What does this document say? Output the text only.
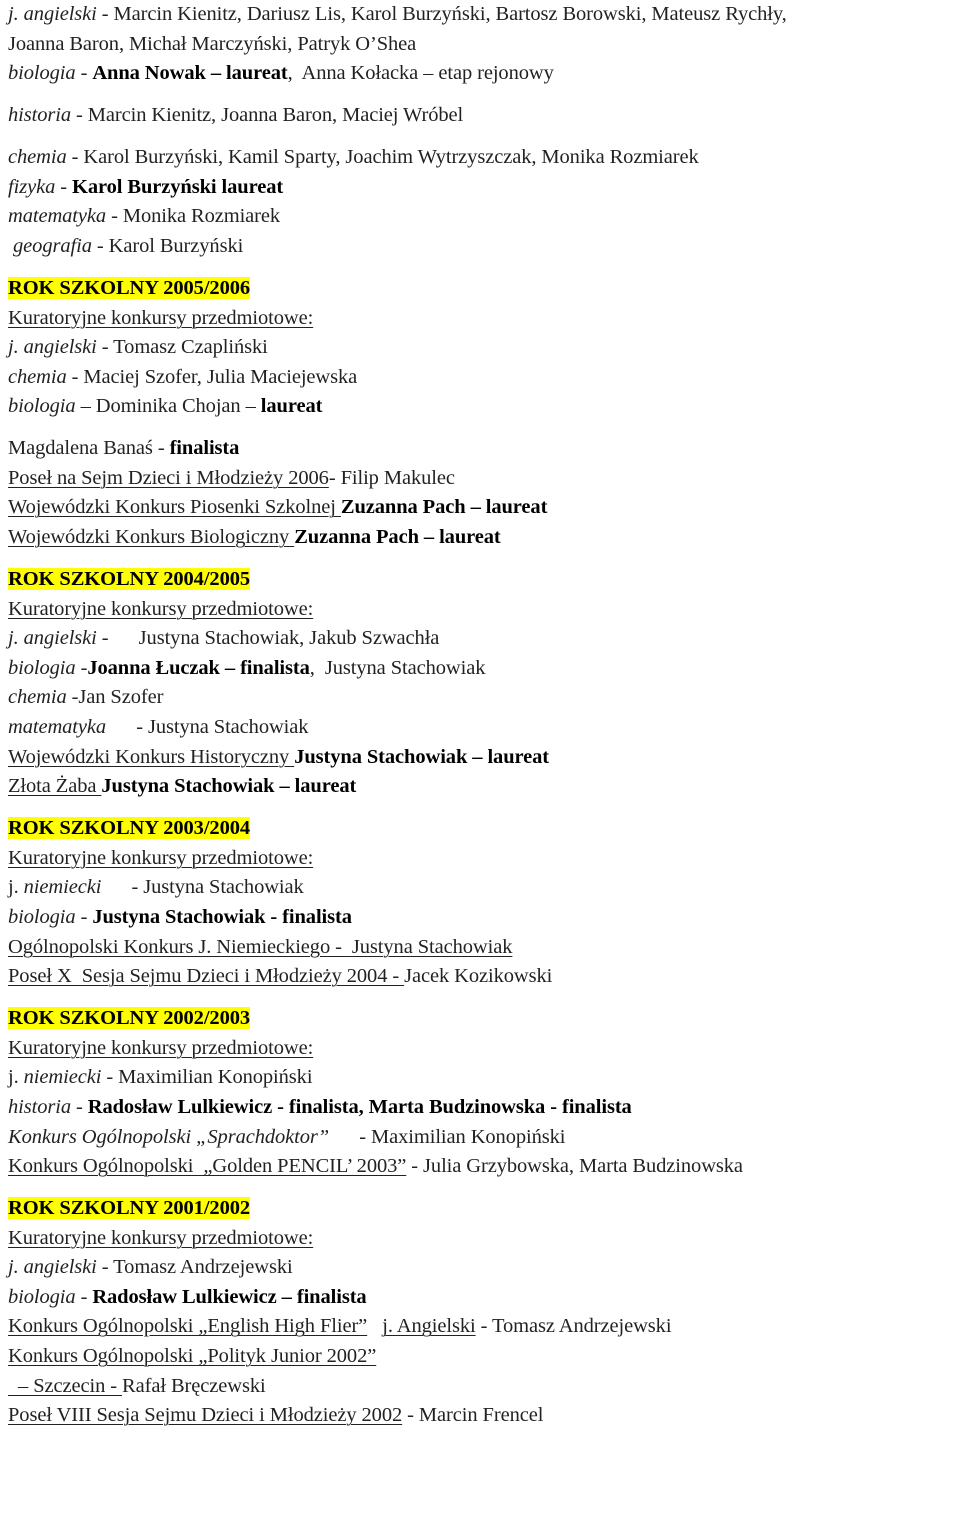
j. angielski - Marcin Kienitz, Dariusz Lis, Karol Burzyński, Bartosz Borowski, Mateusz Rychły,
Joanna Baron, Michał Marczyński, Patryk O’Shea
biologia - Anna Nowak – laureat,  Anna Kołacka – etap rejonowy
historia - Marcin Kienitz, Joanna Baron, Maciej Wróbel
chemia - Karol Burzyński, Kamil Sparty, Joachim Wytrzyszczak, Monika Rozmiarek
fizyka - Karol Burzyński laureat
matematyka - Monika Rozmiarek
geografia - Karol Burzyński
ROK SZKOLNY 2005/2006
Kuratoryjne konkursy przedmiotowe:
j. angielski - Tomasz Czapliński
chemia - Maciej Szofer, Julia Maciejewska
biologia – Dominika Chojan – laureat
Magdalena Banaś - finalista
Poseł na Sejm Dzieci i Młodzieży 2006- Filip Makulec
Wojewódzki Konkurs Piosenki Szkolnej Zuzanna Pach – laureat
Wojewódzki Konkurs Biologiczny Zuzanna Pach – laureat
ROK SZKOLNY 2004/2005
Kuratoryjne konkursy przedmiotowe:
j. angielski -      Justyna Stachowiak, Jakub Szwachła
biologia -Joanna Łuczak – finalista,  Justyna Stachowiak
chemia -Jan Szofer
matematyka      - Justyna Stachowiak
Wojewódzki Konkurs Historyczny Justyna Stachowiak – laureat
Złota Żaba Justyna Stachowiak – laureat
ROK SZKOLNY 2003/2004
Kuratoryjne konkursy przedmiotowe:
j. niemiecki      - Justyna Stachowiak
biologia - Justyna Stachowiak - finalista
Ogólnopolski Konkurs J. Niemieckiego -  Justyna Stachowiak
Poseł X  Sesja Sejmu Dzieci i Młodzieży 2004 - Jacek Kozikowski
ROK SZKOLNY 2002/2003
Kuratoryjne konkursy przedmiotowe:
j. niemiecki - Maximilian Konopiński
historia - Radosław Lulkiewicz - finalista, Marta Budzinowska - finalista
Konkurs Ogólnopolski „Sprachdoktor”      - Maximilian Konopiński
Konkurs Ogólnopolski  „Golden PENCIL’ 2003” - Julia Grzybowska, Marta Budzinowska
ROK SZKOLNY 2001/2002
Kuratoryjne konkursy przedmiotowe:
j. angielski - Tomasz Andrzejewski
biologia - Radosław Lulkiewicz – finalista
Konkurs Ogólnopolski „English High Flier” j. Angielski - Tomasz Andrzejewski
Konkurs Ogólnopolski „Polityk Junior 2002”
– Szczecin - Rafał Bręczewski
Poseł VIII Sesja Sejmu Dzieci i Młodzieży 2002 - Marcin Frencel
